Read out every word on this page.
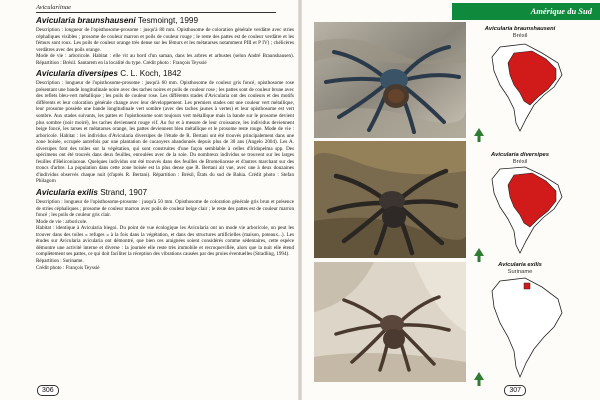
Avicularíinae
Avicularia braunshauseni Tesmoingt, 1999

Description : longueur de l'opisthosome-prosome : jusqu'à 80 mm. Opisthosome de coloration générale verdâtre avec stries céphaliques visibles ; prosome de couleur marron et poils de couleur rouge ; le reste des pattes est de couleur verdâtre et les fémurs sont roux. Les poils de couleur orange très dense sur les fémurs et les métatarses notamment PIII et P IV) ; chélicères verdâtres avec des poils orange.

Mode de vie : arboricole. Habitat : elle vit au bord d'un saman, dans les arbres et arbustes (selon André Braunshausen). Répartition : Brésil. Santarem en la localité du type. Crédit photo : François Teyssié

Avicularia diversipes C. L. Koch, 1842

Description : longueur de l'opisthosome-prosome : jusqu'à 60 mm. Opisthosome de couleur gris foncé, opisthosome rose présentant une bande longitudinale noire avec des taches noires et poils de couleur rose ; les pattes sont de couleur brune avec des reflets bleu-vert métallique ; les poils de couleur rose. Les différents stades d'Avicularia ont des couleurs et des motifs différents et leur coloration générale change avec leur développement. Les premiers stades ont une couleur vert métallique, leur prosome possède une bande longitudinale vert sombre (avec des taches jaunes à vertes) et leur opisthosome est vert sombre. Aux stades suivants, les pattes et l'opisthosome sont toujours vert métallique mais la bande sur le prosome devient plus sombre (noir moiré), les taches deviennent rouge vif. Au fur et à mesure de leur croissance, les individus deviennent beige foncé, les tarses et métatarses orange, les pattes deviennent bleu métallique et le prosome reste rouge. Mode de vie : arboricole. Habitat : les individus d'Avicularia diversipes de l'étude de R. Bertani ont été trouvés principalement dans une zone boisée, occupée autrefois par une plantation de cacaoyers abandonnés depuis plus de 30 ans (Angelo 2004). Les A. diversipes font des toiles sur la végétation, qui sont construites d'une façon semblable à celles d'Iridopelma spp. Des spécimens ont été trouvés dans deux feuilles, enroulées avec de la soie. Du nombreux individus se trouvent sur les larges feuilles d'Heliconiaceae. Quelques individus ont été trouvés dans des feuilles de Bromeliaceae et d'autres marchant sur des troncs d'arbre. La population dans cette zone boisée est la plus dense que R. Bertani ait vue, avec une à deux douzaines d'individus observés chaque nuit (d'après R. Bertani). Répartition : Brésil, États du sud de Bahia. Crédit photo : Stefan Philagorn

Avicularia exilis Strand, 1907

Description : longueur de l'opisthosome-prosome : jusqu'à 50 mm. Opisthosome de coloration générale gris brun et présence de stries céphaliques ; prosome de couleur marron avec poils de couleur beige clair ; le reste des pattes est de couleur marron foncé ; les poils de couleur gris clair.

Mode de vie : arboricole.

Habitat : identique à Avicularia biegoi. Du point de vue écologique les Avicularia ont un mode vie arboricole, on peut les trouver dans des toiles « refuges » à la fois dans la végétation, et dans des structures artificielles (maison, poteaux...). Les études sur Avicularia avicularia ont démontré, que bien ces araignées soient considérés comme sédentaires, cette espèce démontre une activité interne et diverse : la journée elle reste très immobile et recroquevillée, alors que la nuit elle étend complètement ses pattes, ce qui doit faciliter la réception des vibrations causées par des proies éventuelles (Stradling, 1994).

Répartition : Suriname.

Crédit photo : François Teyssié

306
Amérique du Sud
Avicularia braunshauseni
Brésil
Avicularia diversipes
Brésil
Avicularia exilis
Suriname
307
